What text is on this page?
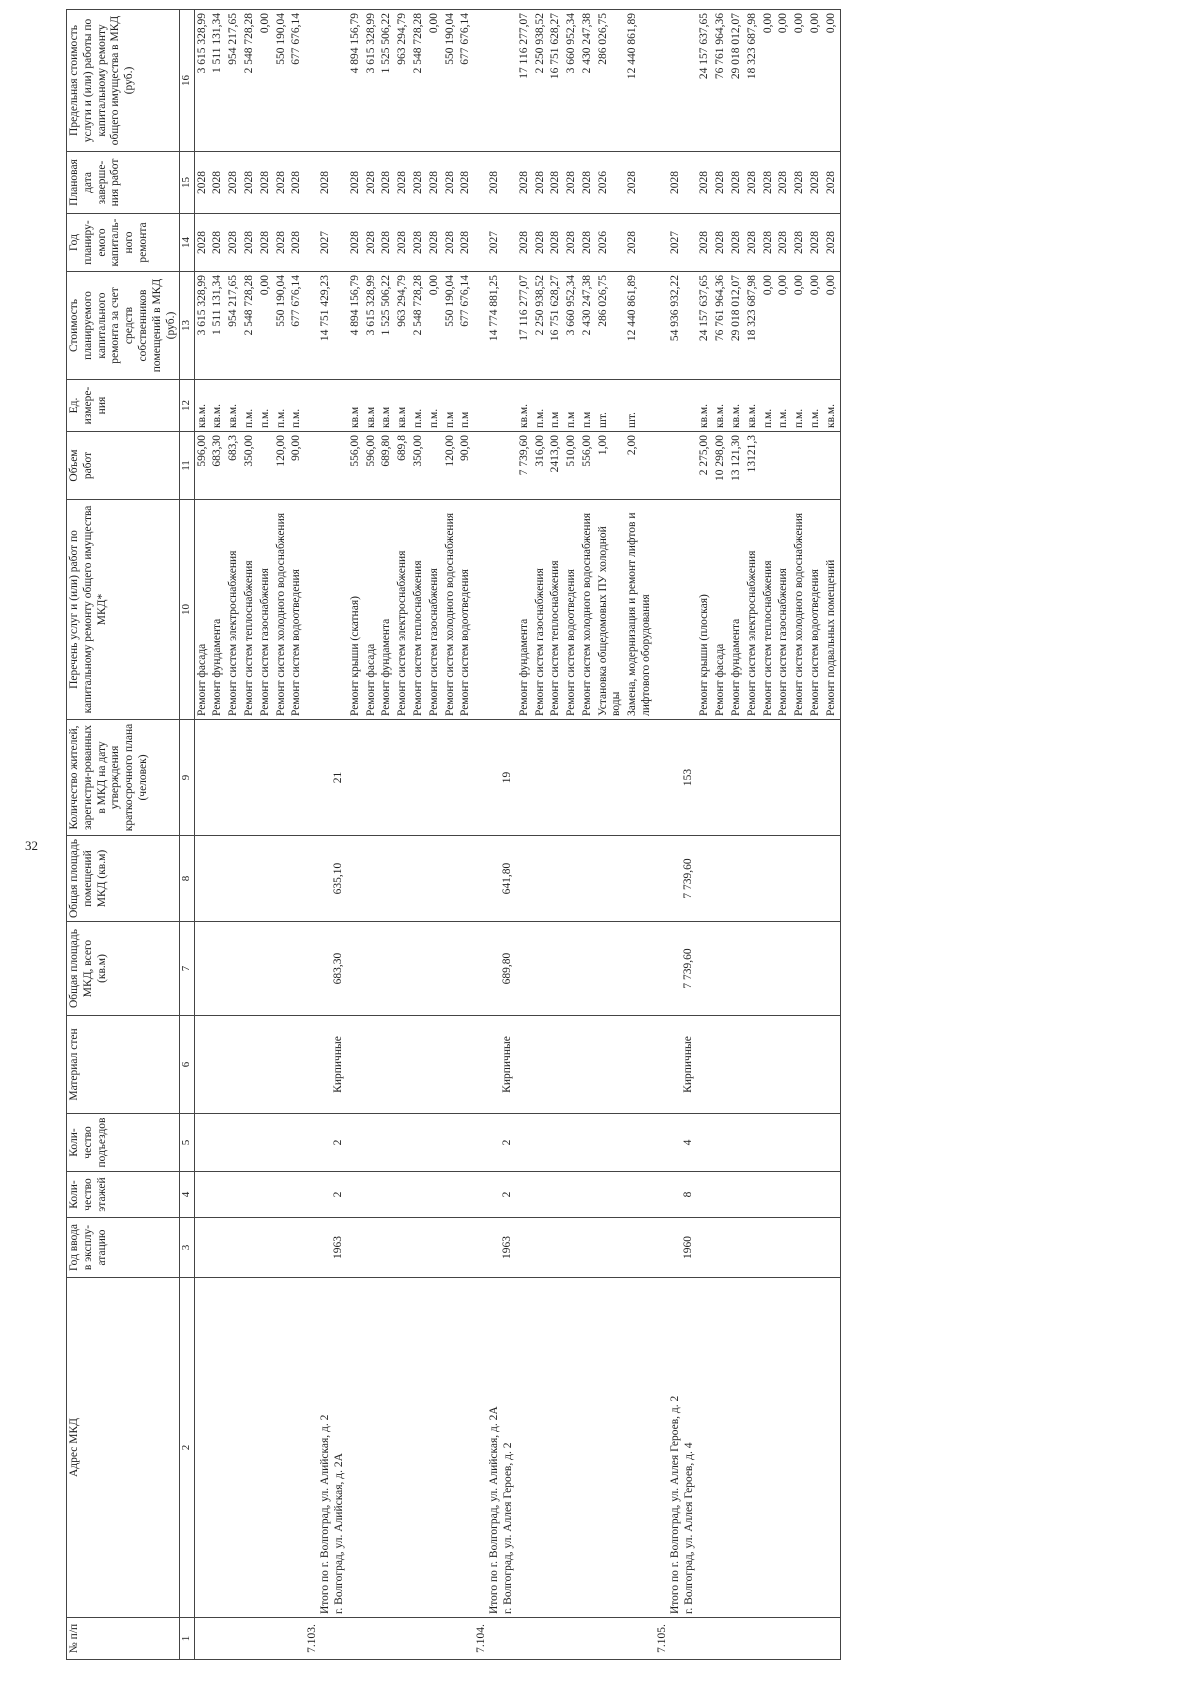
32
№ п/п	Адрес МКД	Год ввода в эксплу-атацию	Коли-чество этажей	Коли-чество подъездов	Материал стен	Общая площадь МКД, всего (кв.м)	Общая площадь помещений МКД (кв.м)	Количество жителей, зарегистри-рованных в МКД на дату утверждения краткосрочного плана (человек)	Перечень услуг и (или) работ по капитальному ремонту общего имущества МКД*	Объем работ	Ед. измере-ния	Стоимость планируемого капитального ремонта за счет средств собственников помещений в МКД (руб.)	Год планиру-емого капиталь-ного ремонта	Плановая дата заверше-ния работ	Предельная стоимость услуги и (или) работы по капитальному ремонту общего имущества в МКД (руб.)
1	2	3	4	5	6	7	8	9	10	11	12	13	14	15	16
									Ремонт фасада	596,00	кв.м.	3 615 328,99	2028	2028	3 615 328,99
									Ремонт фундамента	683,30	кв.м.	1 511 131,34	2028	2028	1 511 131,34
									Ремонт систем электроснабжения	683,3	кв.м.	954 217,65	2028	2028	954 217,65
									Ремонт систем теплоснабжения	350,00	п.м.	2 548 728,28	2028	2028	2 548 728,28
									Ремонт систем газоснабжения		п.м.	0,00	2028	2028	0,00
									Ремонт систем холодного водоснабжения	120,00	п.м.	550 190,04	2028	2028	550 190,04
									Ремонт систем водоотведения	90,00	п.м.	677 676,14	2028	2028	677 676,14
7.103.	Итого по г. Волгоград, ул. Алийская, д. 2 г. Волгоград, ул. Алийская, д. 2А	1963	2	2	Кирпичные	683,30	635,10	21				14 751 429,23	2027	2028	
									Ремонт крыши (скатная)	556,00	кв.м	4 894 156,79	2028	2028	4 894 156,79
									Ремонт фасада	596,00	кв.м	3 615 328,99	2028	2028	3 615 328,99
									Ремонт фундамента	689,80	кв.м	1 525 506,22	2028	2028	1 525 506,22
									Ремонт систем электроснабжения	689,8	кв.м	963 294,79	2028	2028	963 294,79
									Ремонт систем теплоснабжения	350,00	п.м.	2 548 728,28	2028	2028	2 548 728,28
									Ремонт систем газоснабжения		п.м.	0,00	2028	2028	0,00
									Ремонт систем холодного водоснабжения	120,00	п.м	550 190,04	2028	2028	550 190,04
									Ремонт систем водоотведения	90,00	п.м	677 676,14	2028	2028	677 676,14
7.104.	Итого по г. Волгоград, ул. Алийская, д. 2А г. Волгоград, ул. Аллея Героев, д. 2	1963	2	2	Кирпичные	689,80	641,80	19				14 774 881,25	2027	2028	
									Ремонт фундамента	7 739,60	кв.м.	17 116 277,07	2028	2028	17 116 277,07
									Ремонт систем газоснабжения	316,00	п.м.	2 250 938,52	2028	2028	2 250 938,52
									Ремонт систем теплоснабжения	2413,00	п.м	16 751 628,27	2028	2028	16 751 628,27
									Ремонт систем водоотведения	510,00	п.м	3 660 952,34	2028	2028	3 660 952,34
									Ремонт систем холодного водоснабжения	556,00	п.м	2 430 247,38	2028	2028	2 430 247,38
									Установка общедомовых ПУ холодной воды	1,00	шт.	286 026,75	2026	2026	286 026,75
									Замена, модернизация и ремонт лифтов и лифтового оборудования	2,00	шт.	12 440 861,89	2028	2028	12 440 861,89
7.105.	Итого по г. Волгоград, ул. Аллея Героев, д. 2 г. Волгоград, ул. Аллея Героев, д. 4	1960	8	4	Кирпичные	7 739,60	7 739,60	153				54 936 932,22	2027	2028	
									Ремонт крыши (плоская)	2 275,00	кв.м.	24 157 637,65	2028	2028	24 157 637,65
									Ремонт фасада	10 298,00	кв.м.	76 761 964,36	2028	2028	76 761 964,36
									Ремонт фундамента	13 121,30	кв.м.	29 018 012,07	2028	2028	29 018 012,07
									Ремонт систем электроснабжения	13121,3	кв.м.	18 323 687,98	2028	2028	18 323 687,98
									Ремонт систем теплоснабжения		п.м.	0,00	2028	2028	0,00
									Ремонт систем газоснабжения		п.м.	0,00	2028	2028	0,00
									Ремонт систем холодного водоснабжения		п.м.	0,00	2028	2028	0,00
									Ремонт систем водоотведения		п.м.	0,00	2028	2028	0,00
									Ремонт подвальных помещений		кв.м.	0,00	2028	2028	0,00
